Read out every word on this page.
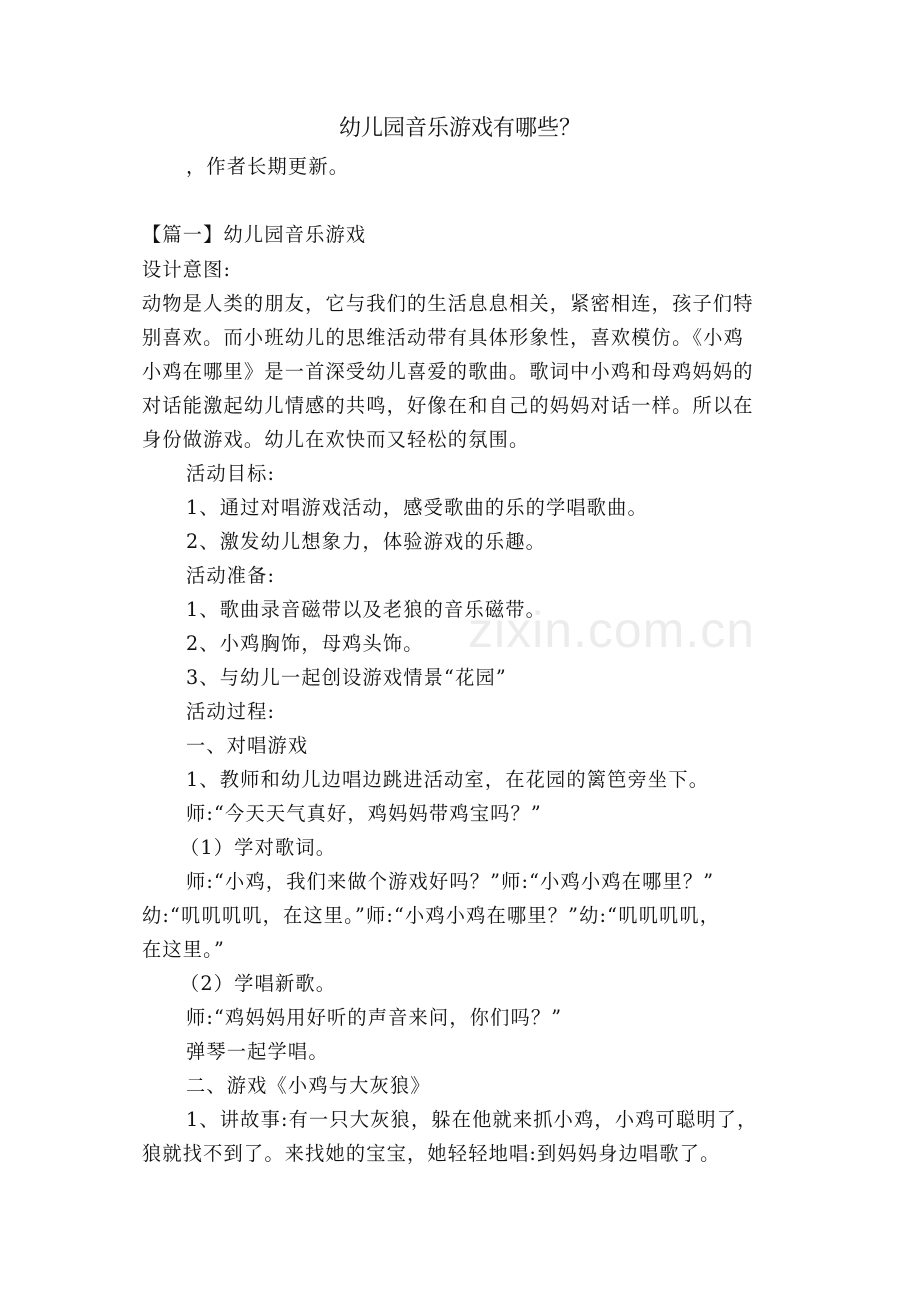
幼儿园音乐游戏有哪些？
，作者长期更新。
【篇一】幼儿园音乐游戏
设计意图:
动物是人类的朋友，它与我们的生活息息相关，紧密相连，孩子们特
别喜欢。而小班幼儿的思维活动带有具体形象性，喜欢模仿。《小鸡
小鸡在哪里》是一首深受幼儿喜爱的歌曲。歌词中小鸡和母鸡妈妈的
对话能激起幼儿情感的共鸣，好像在和自己的妈妈对话一样。所以在
身份做游戏。幼儿在欢快而又轻松的氛围。
活动目标:
1、通过对唱游戏活动，感受歌曲的乐的学唱歌曲。
2、激发幼儿想象力，体验游戏的乐趣。
活动准备:
1、歌曲录音磁带以及老狼的音乐磁带。
2、小鸡胸饰，母鸡头饰。
3、与幼儿一起创设游戏情景“花园”
活动过程:
一、对唱游戏
1、教师和幼儿边唱边跳进活动室，在花园的篱笆旁坐下。
师:“今天天气真好，鸡妈妈带鸡宝吗？”
（1）学对歌词。
师:“小鸡，我们来做个游戏好吗？”师:“小鸡小鸡在哪里？”
幼:“叽叽叽叽，在这里。”师:“小鸡小鸡在哪里？”幼:“叽叽叽叽，
在这里。”
（2）学唱新歌。
师:“鸡妈妈用好听的声音来问，你们吗？”
弹琴一起学唱。
二、游戏《小鸡与大灰狼》
1、讲故事:有一只大灰狼，躲在他就来抓小鸡，小鸡可聪明了，
狼就找不到了。来找她的宝宝，她轻轻地唱:到妈妈身边唱歌了。
zixin.com.cn
